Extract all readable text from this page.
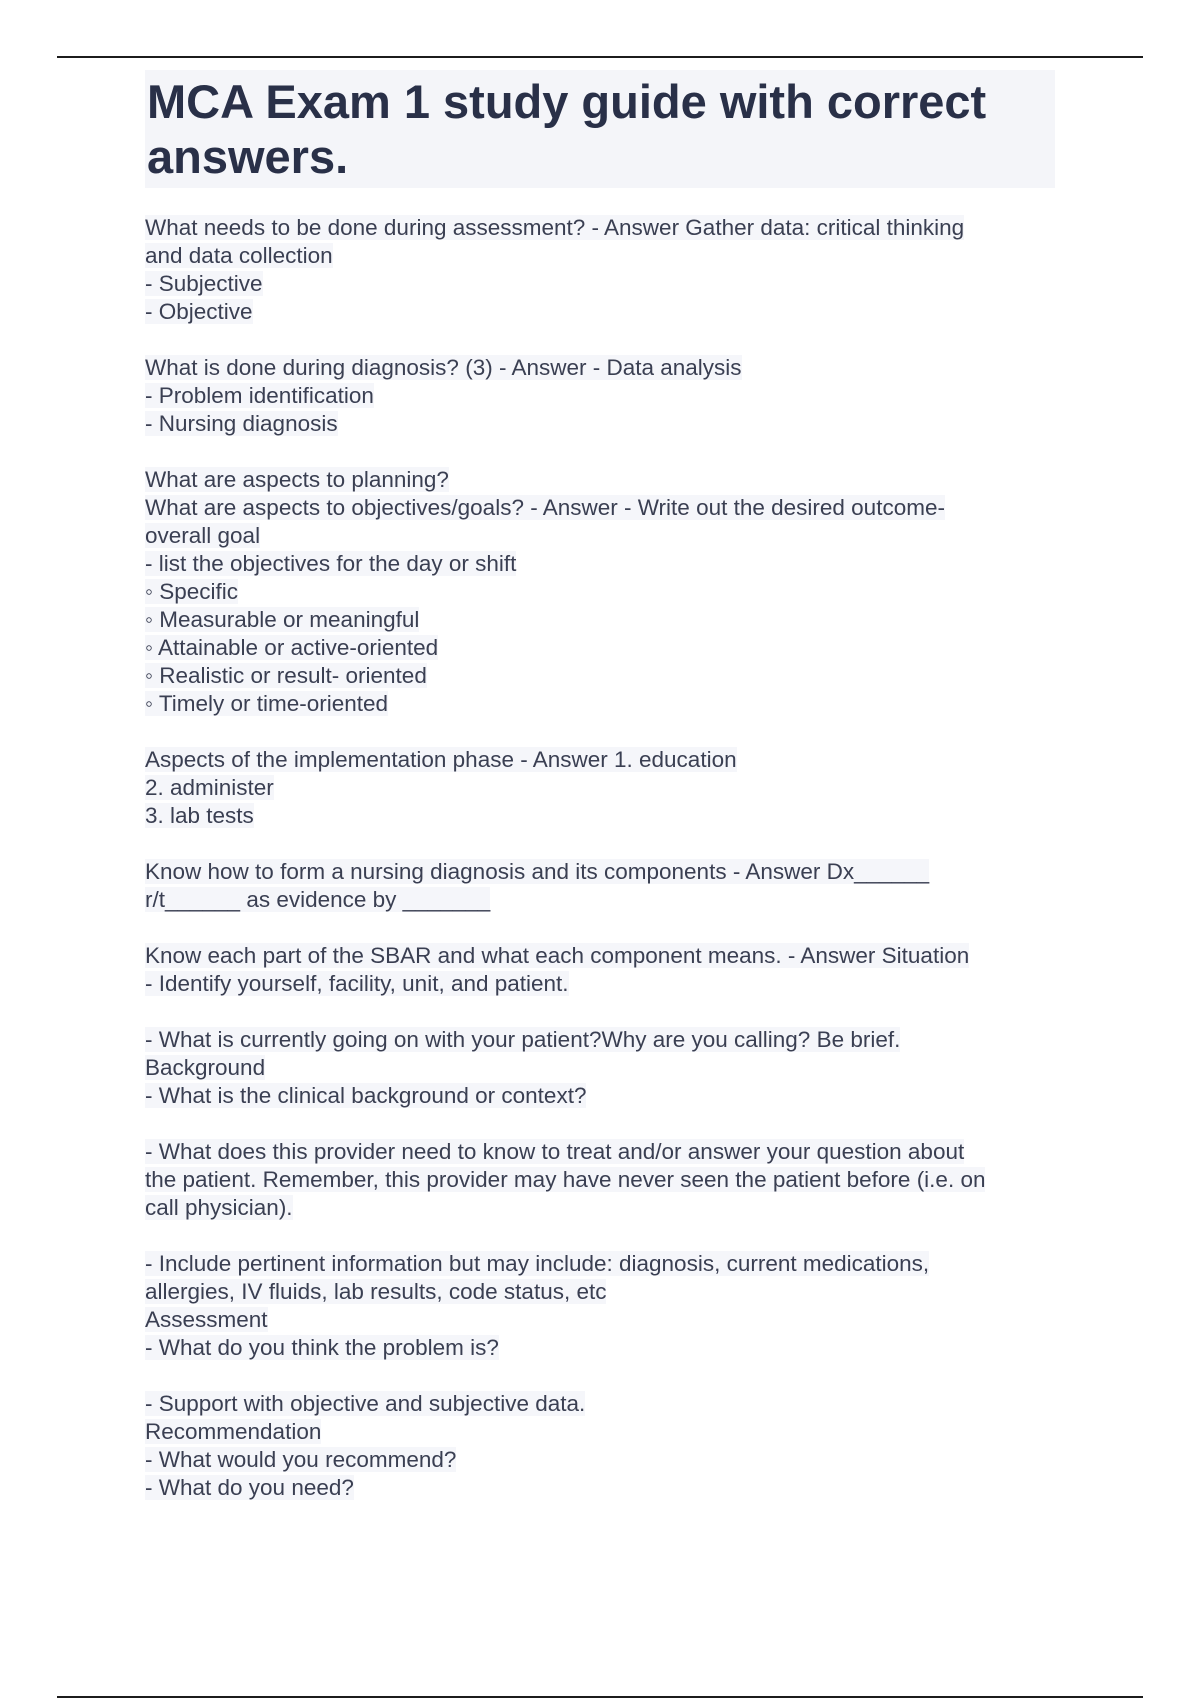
MCA Exam 1 study guide with correct answers.
What needs to be done during assessment? - Answer Gather data: critical thinking
and data collection
- Subjective
- Objective
What is done during diagnosis? (3) - Answer - Data analysis
- Problem identification
- Nursing diagnosis
What are aspects to planning?
What are aspects to objectives/goals? - Answer - Write out the desired outcome-
overall goal
- list the objectives for the day or shift
◦ Specific
◦ Measurable or meaningful
◦ Attainable or active-oriented
◦ Realistic or result- oriented
◦ Timely or time-oriented
Aspects of the implementation phase - Answer 1. education
2. administer
3. lab tests
Know how to form a nursing diagnosis and its components - Answer Dx______
r/t______ as evidence by _______
Know each part of the SBAR and what each component means. - Answer Situation
- Identify yourself, facility, unit, and patient.
- What is currently going on with your patient?Why are you calling? Be brief.
Background
- What is the clinical background or context?
- What does this provider need to know to treat and/or answer your question about
the patient. Remember, this provider may have never seen the patient before (i.e. on
call physician).
- Include pertinent information but may include: diagnosis, current medications,
allergies, IV fluids, lab results, code status, etc
Assessment
- What do you think the problem is?
- Support with objective and subjective data.
Recommendation
- What would you recommend?
- What do you need?
